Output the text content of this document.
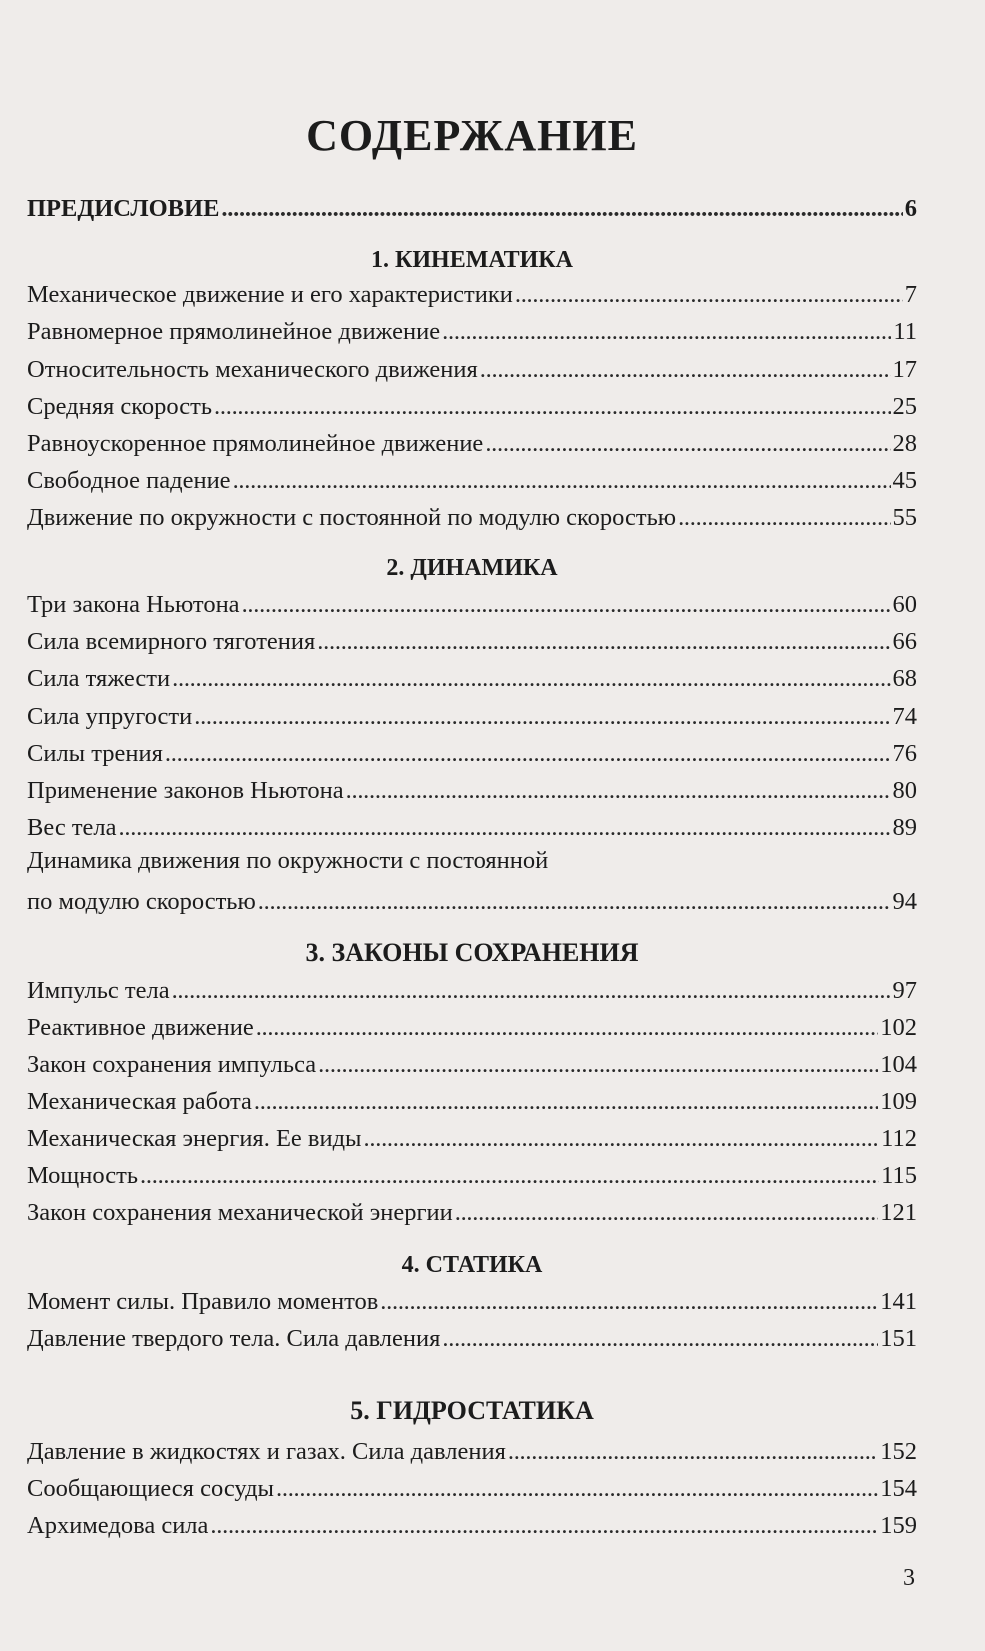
СОДЕРЖАНИЕ
ПРЕДИСЛОВИЕ . . .	6
1. КИНЕМАТИКА
Механическое движение и его характеристики . . .	7
Равномерное прямолинейное движение . . .	11
Относительность механического движения . . .	17
Средняя скорость . . .	25
Равноускоренное прямолинейное движение . . .	28
Свободное падение . . .	45
Движение по окружности с постоянной по модулю скоростью . . .	55
2. ДИНАМИКА
Три закона Ньютона . . .	60
Сила всемирного тяготения . . .	66
Сила тяжести . . .	68
Сила упругости . . .	74
Силы трения . . .	76
Применение законов Ньютона . . .	80
Вес тела . . .	89
Динамика движения по окружности с постоянной
по модулю скоростью . . .	94
3. ЗАКОНЫ СОХРАНЕНИЯ
Импульс тела . . .	97
Реактивное движение . . .	102
Закон сохранения импульса . . .	104
Механическая работа . . .	109
Механическая энергия. Ее виды . . .	112
Мощность . . .	115
Закон сохранения механической энергии . . .	121
4. СТАТИКА
Момент силы. Правило моментов . . .	141
Давление твердого тела. Сила давления . . .	151
5. ГИДРОСТАТИКА
Давление в жидкостях и газах. Сила давления . . .	152
Сообщающиеся сосуды . . .	154
Архимедова сила . . .	159
3
